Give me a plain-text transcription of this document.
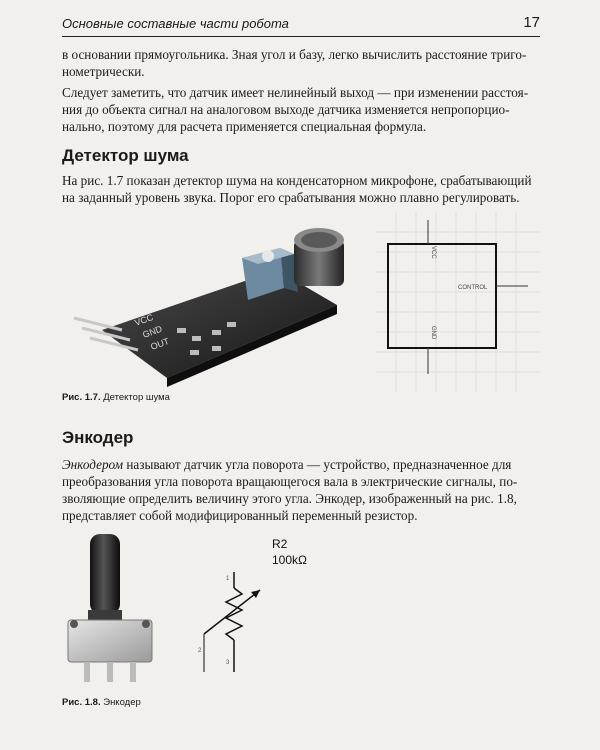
Основные составные части робота	17

в основании прямоугольника. Зная угол и базу, легко вычислить расстояние триго-
нометрически.

Следует заметить, что датчик имеет нелинейный выход — при изменении расстоя-
ния до объекта сигнал на аналоговом выходе датчика изменяется непропорцио-
нально, поэтому для расчета применяется специальная формула.

Детектор шума

На рис. 1.7 показан детектор шума на конденсаторном микрофоне, срабатывающий
на заданный уровень звука. Порог его срабатывания можно плавно регулировать.

VCC
GND
OUT
VCC
GND
CONTROL
Рис. 1.7. Детектор шума
Энкодер

Энкодером называют датчик угла поворота — устройство, предназначенное для
преобразования угла поворота вращающегося вала в электрические сигналы, по-
зволяющие определить величину этого угла. Энкодер, изображенный на рис. 1.8,
представляет собой модифицированный переменный резистор.

R2
100kΩ
1
2
3
Рис. 1.8. Энкодер
